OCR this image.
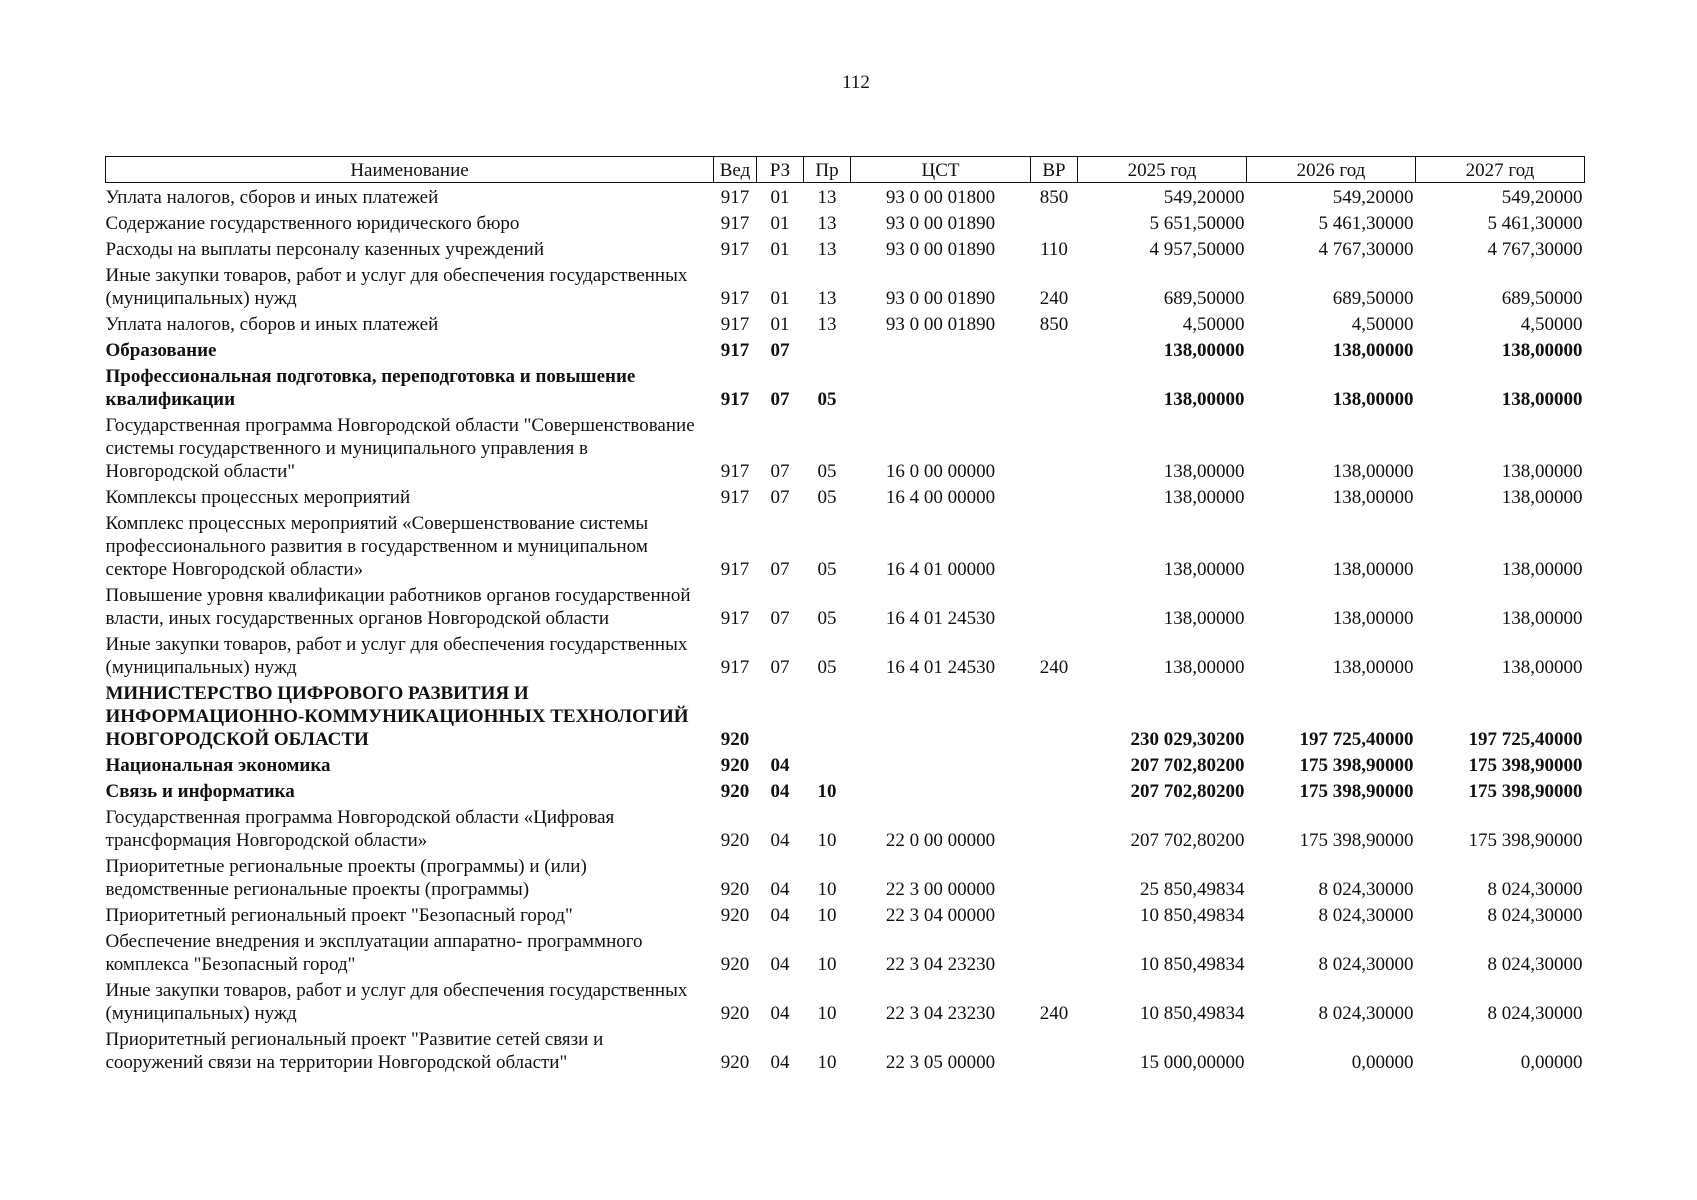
112
Наименование	Вед	РЗ	Пр	ЦСТ	ВР	2025 год	2026 год	2027 год
Уплата налогов, сборов и иных платежей	917	01	13	93 0 00 01800	850	549,20000	549,20000	549,20000
Содержание государственного юридического бюро	917	01	13	93 0 00 01890		5 651,50000	5 461,30000	5 461,30000
Расходы на выплаты персоналу казенных учреждений	917	01	13	93 0 00 01890	110	4 957,50000	4 767,30000	4 767,30000
Иные закупки товаров, работ и услуг для обеспечения государственных (муниципальных) нужд	917	01	13	93 0 00 01890	240	689,50000	689,50000	689,50000
Уплата налогов, сборов и иных платежей	917	01	13	93 0 00 01890	850	4,50000	4,50000	4,50000
Образование	917	07				138,00000	138,00000	138,00000
Профессиональная подготовка, переподготовка и повышение квалификации	917	07	05			138,00000	138,00000	138,00000
Государственная программа Новгородской области "Совершенствование системы государственного и муниципального управления в Новгородской области"	917	07	05	16 0 00 00000		138,00000	138,00000	138,00000
Комплексы процессных мероприятий	917	07	05	16 4 00 00000		138,00000	138,00000	138,00000
Комплекс процессных мероприятий «Совершенствование системы профессионального развития в государственном и муниципальном секторе Новгородской области»	917	07	05	16 4 01 00000		138,00000	138,00000	138,00000
Повышение уровня квалификации работников органов государственной власти, иных государственных органов Новгородской области	917	07	05	16 4 01 24530		138,00000	138,00000	138,00000
Иные закупки товаров, работ и услуг для обеспечения государственных (муниципальных) нужд	917	07	05	16 4 01 24530	240	138,00000	138,00000	138,00000
МИНИСТЕРСТВО ЦИФРОВОГО РАЗВИТИЯ И ИНФОРМАЦИОННО-КОММУНИКАЦИОННЫХ ТЕХНОЛОГИЙ НОВГОРОДСКОЙ ОБЛАСТИ	920					230 029,30200	197 725,40000	197 725,40000
Национальная экономика	920	04				207 702,80200	175 398,90000	175 398,90000
Связь и информатика	920	04	10			207 702,80200	175 398,90000	175 398,90000
Государственная программа Новгородской области «Цифровая трансформация Новгородской области»	920	04	10	22 0 00 00000		207 702,80200	175 398,90000	175 398,90000
Приоритетные региональные проекты (программы) и (или) ведомственные региональные проекты (программы)	920	04	10	22 3 00 00000		25 850,49834	8 024,30000	8 024,30000
Приоритетный региональный проект "Безопасный город"	920	04	10	22 3 04 00000		10 850,49834	8 024,30000	8 024,30000
Обеспечение внедрения и эксплуатации аппаратно- программного комплекса "Безопасный город"	920	04	10	22 3 04 23230		10 850,49834	8 024,30000	8 024,30000
Иные закупки товаров, работ и услуг для обеспечения государственных (муниципальных) нужд	920	04	10	22 3 04 23230	240	10 850,49834	8 024,30000	8 024,30000
Приоритетный региональный проект "Развитие сетей связи и сооружений связи на территории Новгородской области"	920	04	10	22 3 05 00000		15 000,00000	0,00000	0,00000
